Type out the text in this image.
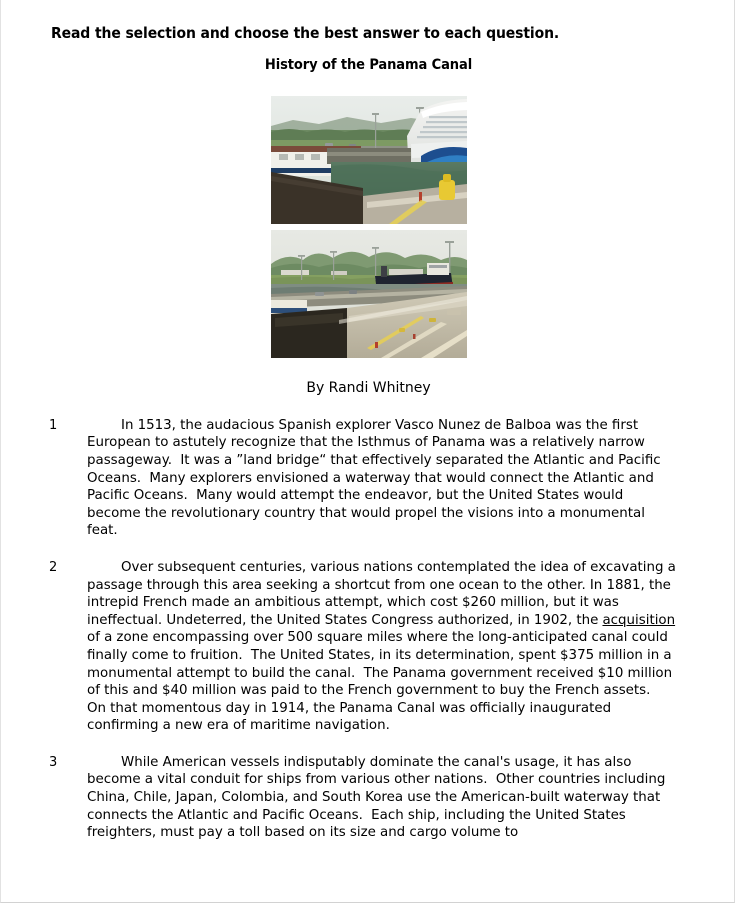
Read the selection and choose the best answer to each question.
History of the Panama Canal
By Randi Whitney
1	In 1513, the audacious Spanish explorer Vasco Nunez de Balboa was the first European to astutely recognize that the Isthmus of Panama was a relatively narrow passageway.  It was a ”land bridge“ that effectively separated the Atlantic and Pacific Oceans.  Many explorers envisioned a waterway that would connect the Atlantic and Pacific Oceans.  Many would attempt the endeavor, but the United States would become the revolutionary country that would propel the visions into a monumental feat.
2	Over subsequent centuries, various nations contemplated the idea of excavating a passage through this area seeking a shortcut from one ocean to the other. In 1881, the intrepid French made an ambitious attempt, which cost $260 million, but it was ineffectual. Undeterred, the United States Congress authorized, in 1902, the acquisition of a zone encompassing over 500 square miles where the long-anticipated canal could finally come to fruition.  The United States, in its determination, spent $375 million in a monumental attempt to build the canal.  The Panama government received $10 million of this and $40 million was paid to the French government to buy the French assets.  On that momentous day in 1914, the Panama Canal was officially inaugurated confirming a new era of maritime navigation.
3	While American vessels indisputably dominate the canal's usage, it has also become a vital conduit for ships from various other nations.  Other countries including China, Chile, Japan, Colombia, and South Korea use the American-built waterway that connects the Atlantic and Pacific Oceans.  Each ship, including the United States freighters, must pay a toll based on its size and cargo volume to
